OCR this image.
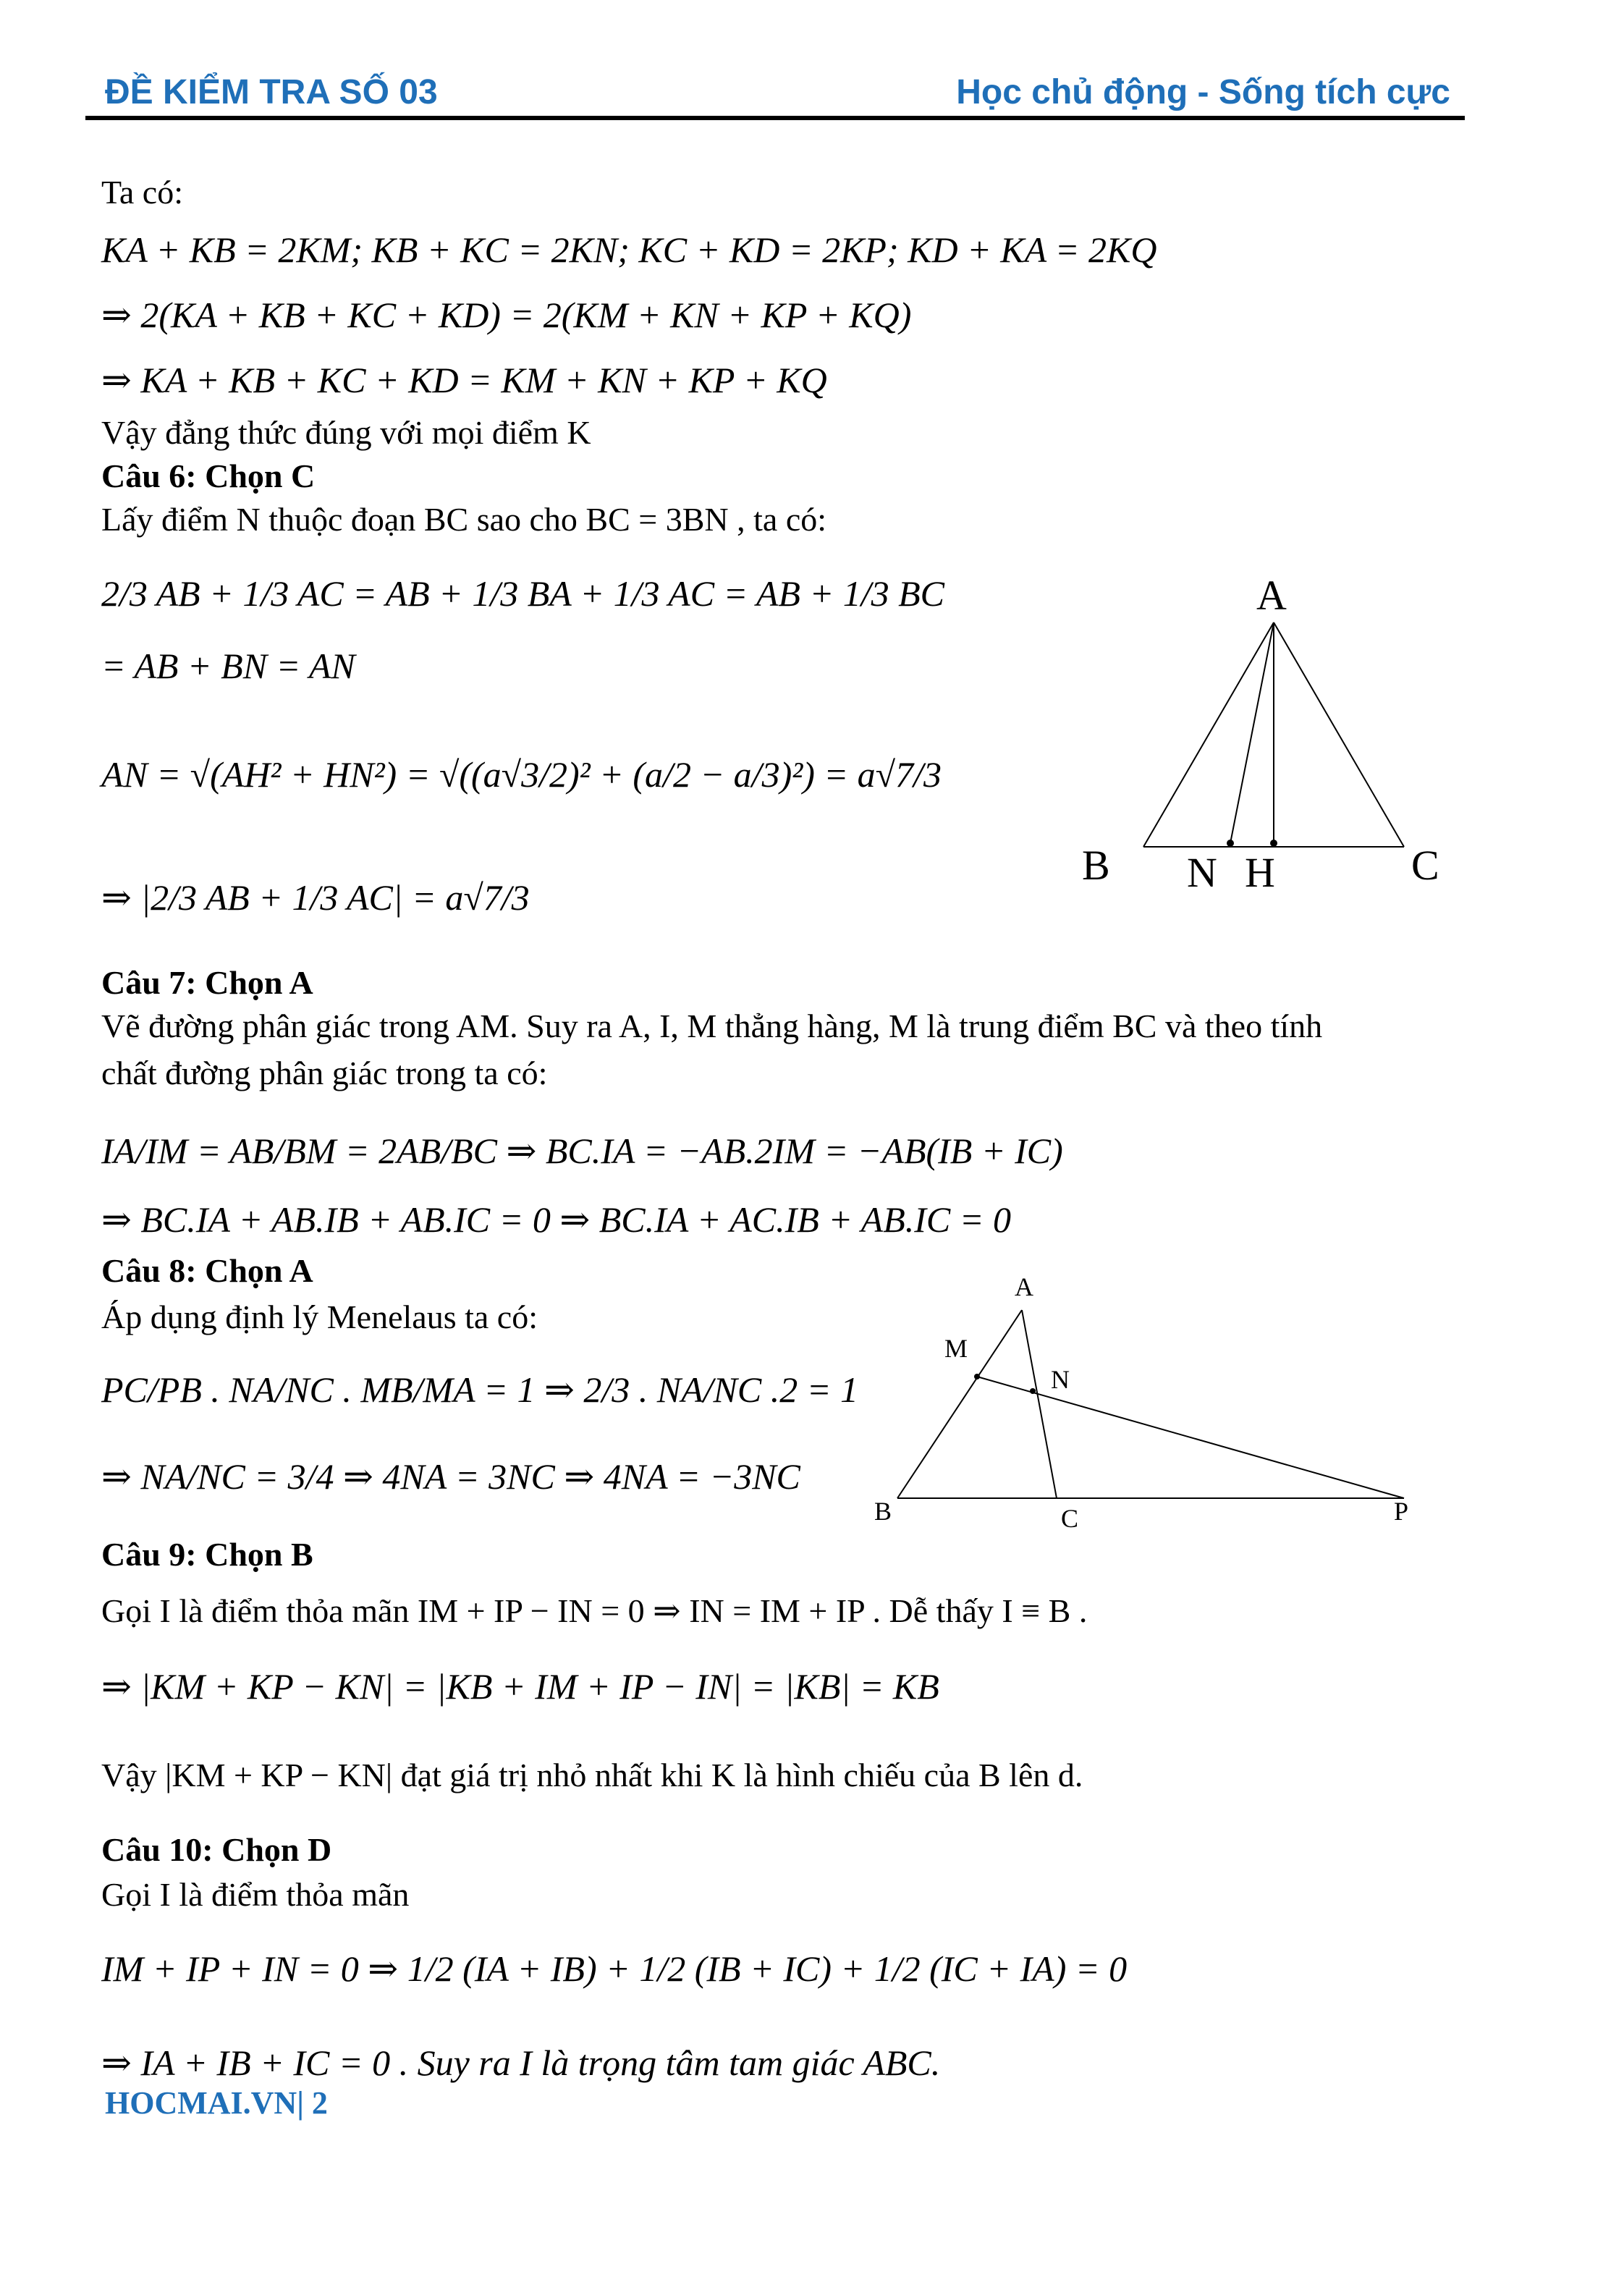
ĐỀ KIỂM TRA SỐ 03	Học chủ động - Sống tích cực
Ta có:
KA + KB = 2KM; KB + KC = 2KN; KC + KD = 2KP; KD + KA = 2KQ
⇒ 2(KA + KB + KC + KD) = 2(KM + KN + KP + KQ)
⇒ KA + KB + KC + KD = KM + KN + KP + KQ
Vậy đẳng thức đúng với mọi điểm K
Câu 6: Chọn C
Lấy điểm N thuộc đoạn BC sao cho BC = 3BN , ta có:
2/3 AB + 1/3 AC = AB + 1/3 BA + 1/3 AC = AB + 1/3 BC
= AB + BN = AN
AN = √(AH² + HN²) = √((a√3/2)² + (a/2 − a/3)²) = a√7/3
⇒ |2/3 AB + 1/3 AC| = a√7/3
A
B	C
N H
Câu 7: Chọn A
Vẽ đường phân giác trong AM. Suy ra A, I, M thẳng hàng, M là trung điểm BC và theo tính
chất đường phân giác trong ta có:
IA/IM = AB/BM = 2AB/BC ⇒ BC.IA = −AB.2IM = −AB(IB + IC)
⇒ BC.IA + AB.IB + AB.IC = 0 ⇒ BC.IA + AC.IB + AB.IC = 0
Câu 8: Chọn A
Áp dụng định lý Menelaus ta có:
PC/PB . NA/NC . MB/MA = 1 ⇒ 2/3 . NA/NC .2 = 1
⇒ NA/NC = 3/4 ⇒ 4NA = 3NC ⇒ 4NA = −3NC
A
M
N
B	C	P
Câu 9: Chọn B
Gọi I là điểm thỏa mãn IM + IP − IN = 0 ⇒ IN = IM + IP . Dễ thấy I ≡ B .
⇒ |KM + KP − KN| = |KB + IM + IP − IN| = |KB| = KB
Vậy |KM + KP − KN| đạt giá trị nhỏ nhất khi K là hình chiếu của B lên d.
Câu 10: Chọn D
Gọi I là điểm thỏa mãn
IM + IP + IN = 0 ⇒ 1/2 (IA + IB) + 1/2 (IB + IC) + 1/2 (IC + IA) = 0
⇒ IA + IB + IC = 0 . Suy ra I là trọng tâm tam giác ABC.
HOCMAI.VN| 2
